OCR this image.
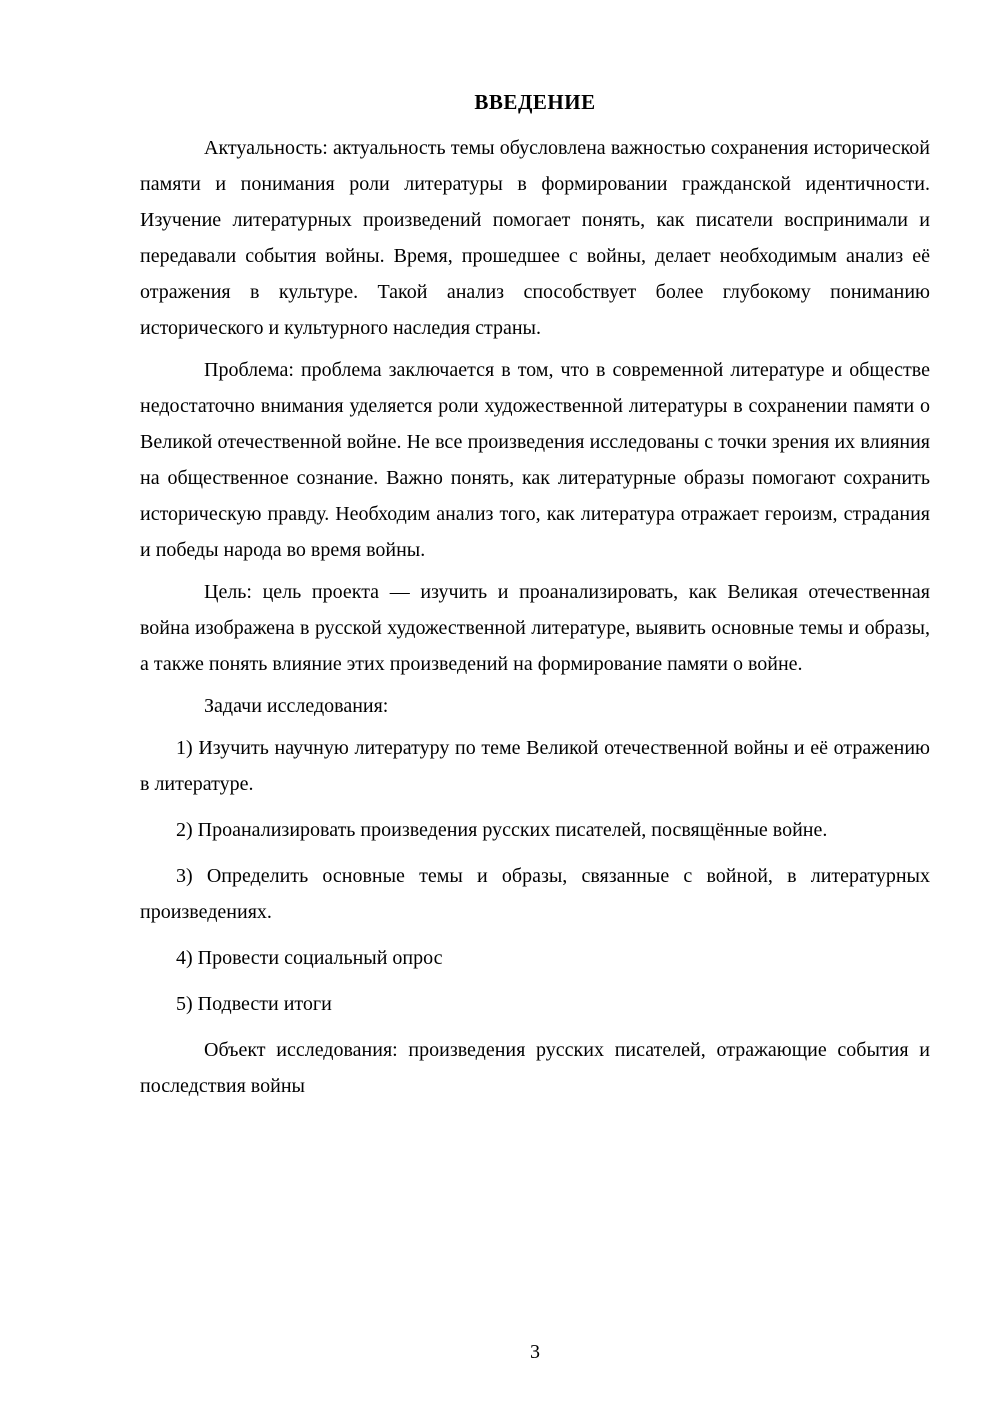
ВВЕДЕНИЕ

Актуальность: актуальность темы обусловлена важностью сохранения исторической памяти и понимания роли литературы в формировании гражданской идентичности. Изучение литературных произведений помогает понять, как писатели воспринимали и передавали события войны. Время, прошедшее с войны, делает необходимым анализ её отражения в культуре. Такой анализ способствует более глубокому пониманию исторического и культурного наследия страны.

Проблема: проблема заключается в том, что в современной литературе и обществе недостаточно внимания уделяется роли художественной литературы в сохранении памяти о Великой отечественной войне. Не все произведения исследованы с точки зрения их влияния на общественное сознание. Важно понять, как литературные образы помогают сохранить историческую правду. Необходим анализ того, как литература отражает героизм, страдания и победы народа во время войны.

Цель: цель проекта — изучить и проанализировать, как Великая отечественная война изображена в русской художественной литературе, выявить основные темы и образы, а также понять влияние этих произведений на формирование памяти о войне.

Задачи исследования:

1) Изучить научную литературу по теме Великой отечественной войны и её отражению в литературе.

2) Проанализировать произведения русских писателей, посвящённые войне.

3) Определить основные темы и образы, связанные с войной, в литературных произведениях.

4) Провести социальный опрос

5) Подвести итоги

Объект исследования: произведения русских писателей, отражающие события и последствия войны

3
